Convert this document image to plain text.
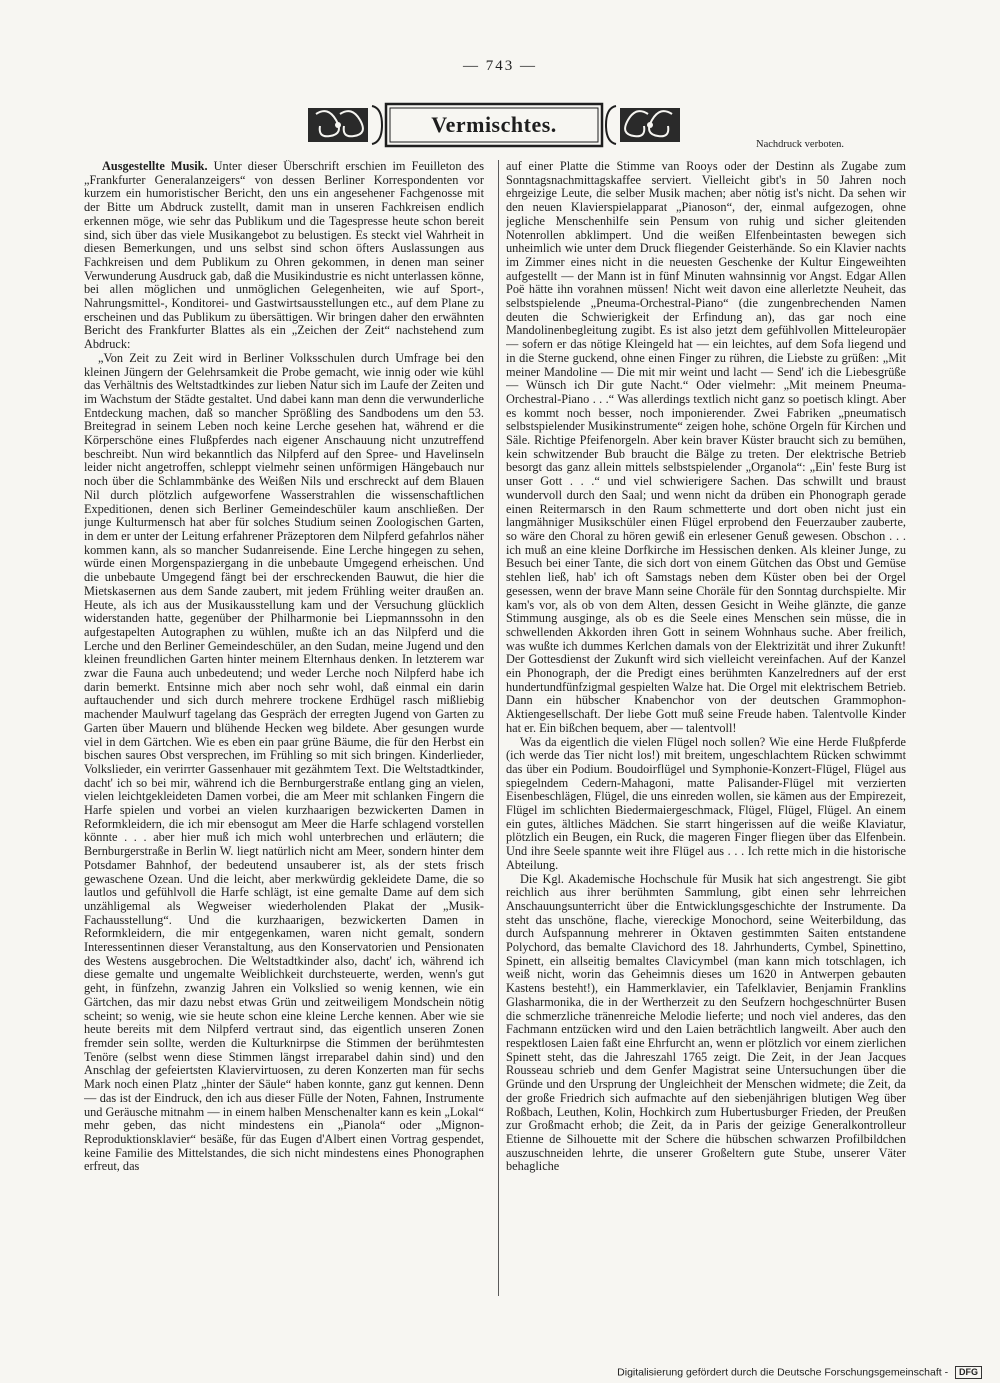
— 743 —
Vermischtes.
Nachdruck verboten.

Ausgestellte Musik. Unter dieser Überschrift erschien im Feuilleton des „Frankfurter Generalanzeigers“ von dessen Berliner Korrespondenten vor kurzem ein humoristischer Bericht, den uns ein angesehener Fachgenosse mit der Bitte um Abdruck zustellt, damit man in unseren Fachkreisen endlich erkennen möge, wie sehr das Publikum und die Tagespresse heute schon bereit sind, sich über das viele Musikangebot zu belustigen. Es steckt viel Wahrheit in diesen Bemerkungen, und uns selbst sind schon öfters Auslassungen aus Fachkreisen und dem Publikum zu Ohren gekommen, in denen man seiner Verwunderung Ausdruck gab, daß die Musikindustrie es nicht unterlassen könne, bei allen möglichen und unmöglichen Gelegenheiten, wie auf Sport-, Nahrungsmittel-, Konditorei- und Gastwirtsausstellungen etc., auf dem Plane zu erscheinen und das Publikum zu übersättigen. Wir bringen daher den erwähnten Bericht des Frankfurter Blattes als ein „Zeichen der Zeit“ nachstehend zum Abdruck:

„Von Zeit zu Zeit wird in Berliner Volksschulen durch Umfrage bei den kleinen Jüngern der Gelehrsamkeit die Probe gemacht, wie innig oder wie kühl das Verhältnis des Weltstadtkindes zur lieben Natur sich im Laufe der Zeiten und im Wachstum der Städte gestaltet. Und dabei kann man denn die verwunderliche Entdeckung machen, daß so mancher Sprößling des Sandbodens um den 53. Breitegrad in seinem Leben noch keine Lerche gesehen hat, während er die Körperschöne eines Flußpferdes nach eigener Anschauung nicht unzutreffend beschreibt. Nun wird bekanntlich das Nilpferd auf den Spree- und Havelinseln leider nicht angetroffen, schleppt vielmehr seinen unförmigen Hängebauch nur noch über die Schlammbänke des Weißen Nils und erschreckt auf dem Blauen Nil durch plötzlich aufgeworfene Wasserstrahlen die wissenschaftlichen Expeditionen, denen sich Berliner Gemeindeschüler kaum anschließen. Der junge Kulturmensch hat aber für solches Studium seinen Zoologischen Garten, in dem er unter der Leitung erfahrener Präzeptoren dem Nilpferd gefahrlos näher kommen kann, als so mancher Sudanreisende. Eine Lerche hingegen zu sehen, würde einen Morgenspaziergang in die unbebaute Umgegend erheischen. Und die unbebaute Umgegend fängt bei der erschreckenden Bauwut, die hier die Mietskasernen aus dem Sande zaubert, mit jedem Frühling weiter draußen an. Heute, als ich aus der Musikausstellung kam und der Versuchung glücklich widerstanden hatte, gegenüber der Philharmonie bei Liepmannssohn in den aufgestapelten Autographen zu wühlen, mußte ich an das Nilpferd und die Lerche und den Berliner Gemeindeschüler, an den Sudan, meine Jugend und den kleinen freundlichen Garten hinter meinem Elternhaus denken. In letzterem war zwar die Fauna auch unbedeutend; und weder Lerche noch Nilpferd habe ich darin bemerkt. Entsinne mich aber noch sehr wohl, daß einmal ein darin auftauchender und sich durch mehrere trockene Erdhügel rasch mißliebig machender Maulwurf tagelang das Gespräch der erregten Jugend von Garten zu Garten über Mauern und blühende Hecken weg bildete. Aber gesungen wurde viel in dem Gärtchen. Wie es eben ein paar grüne Bäume, die für den Herbst ein bischen saures Obst versprechen, im Frühling so mit sich bringen. Kinderlieder, Volkslieder, ein verirrter Gassenhauer mit gezähmtem Text. Die Weltstadtkinder, dacht' ich so bei mir, während ich die Bernburgerstraße entlang ging an vielen, vielen leichtgekleideten Damen vorbei, die am Meer mit schlanken Fingern die Harfe spielen und vorbei an vielen kurzhaarigen bezwickerten Damen in Reformkleidern, die ich mir ebensogut am Meer die Harfe schlagend vorstellen könnte . . . aber hier muß ich mich wohl unterbrechen und erläutern; die Bernburgerstraße in Berlin W. liegt natürlich nicht am Meer, sondern hinter dem Potsdamer Bahnhof, der bedeutend unsauberer ist, als der stets frisch gewaschene Ozean. Und die leicht, aber merkwürdig gekleidete Dame, die so lautlos und gefühlvoll die Harfe schlägt, ist eine gemalte Dame auf dem sich unzähligemal als Wegweiser wiederholenden Plakat der „Musik-Fachausstellung“. Und die kurzhaarigen, bezwickerten Damen in Reformkleidern, die mir entgegenkamen, waren nicht gemalt, sondern Interessentinnen dieser Veranstaltung, aus den Konservatorien und Pensionaten des Westens ausgebrochen. Die Weltstadtkinder also, dacht' ich, während ich diese gemalte und ungemalte Weiblichkeit durchsteuerte, werden, wenn's gut geht, in fünfzehn, zwanzig Jahren ein Volkslied so wenig kennen, wie ein Gärtchen, das mir dazu nebst etwas Grün und zeitweiligem Mondschein nötig scheint; so wenig, wie sie heute schon eine kleine Lerche kennen. Aber wie sie heute bereits mit dem Nilpferd vertraut sind, das eigentlich unseren Zonen fremder sein sollte, werden die Kulturknirpse die Stimmen der berühmtesten Tenöre (selbst wenn diese Stimmen längst irreparabel dahin sind) und den Anschlag der gefeiertsten Klaviervirtuosen, zu deren Konzerten man für sechs Mark noch einen Platz „hinter der Säule“ haben konnte, ganz gut kennen. Denn — das ist der Eindruck, den ich aus dieser Fülle der Noten, Fahnen, Instrumente und Geräusche mitnahm — in einem halben Menschenalter kann es kein „Lokal“ mehr geben, das nicht mindestens ein „Pianola“ oder „Mignon-Reproduktionsklavier“ besäße, für das Eugen d'Albert einen Vortrag gespendet, keine Familie des Mittelstandes, die sich nicht mindestens eines Phonographen erfreut, das

auf einer Platte die Stimme van Rooys oder der Destinn als Zugabe zum Sonntagsnachmittagskaffee serviert. Vielleicht gibt's in 50 Jahren noch ehrgeizige Leute, die selber Musik machen; aber nötig ist's nicht. Da sehen wir den neuen Klavierspielapparat „Pianoson“, der, einmal aufgezogen, ohne jegliche Menschenhilfe sein Pensum von ruhig und sicher gleitenden Notenrollen abklimpert. Und die weißen Elfenbeintasten bewegen sich unheimlich wie unter dem Druck fliegender Geisterhände. So ein Klavier nachts im Zimmer eines nicht in die neuesten Geschenke der Kultur Eingeweihten aufgestellt — der Mann ist in fünf Minuten wahnsinnig vor Angst. Edgar Allen Poë hätte ihn vorahnen müssen! Nicht weit davon eine allerletzte Neuheit, das selbstspielende „Pneuma-Orchestral-Piano“ (die zungenbrechenden Namen deuten die Schwierigkeit der Erfindung an), das gar noch eine Mandolinenbegleitung zugibt. Es ist also jetzt dem gefühlvollen Mitteleuropäer — sofern er das nötige Kleingeld hat — ein leichtes, auf dem Sofa liegend und in die Sterne guckend, ohne einen Finger zu rühren, die Liebste zu grüßen: „Mit meiner Mandoline — Die mit mir weint und lacht — Send' ich die Liebesgrüße — Wünsch ich Dir gute Nacht.“ Oder vielmehr: „Mit meinem Pneuma-Orchestral-Piano . . .“ Was allerdings textlich nicht ganz so poetisch klingt. Aber es kommt noch besser, noch imponierender. Zwei Fabriken „pneumatisch selbstspielender Musikinstrumente“ zeigen hohe, schöne Orgeln für Kirchen und Säle. Richtige Pfeifenorgeln. Aber kein braver Küster braucht sich zu bemühen, kein schwitzender Bub braucht die Bälge zu treten. Der elektrische Betrieb besorgt das ganz allein mittels selbstspielender „Organola“: „Ein' feste Burg ist unser Gott . . .“ und viel schwierigere Sachen. Das schwillt und braust wundervoll durch den Saal; und wenn nicht da drüben ein Phonograph gerade einen Reitermarsch in den Raum schmetterte und dort oben nicht just ein langmähniger Musikschüler einen Flügel erprobend den Feuerzauber zauberte, so wäre den Choral zu hören gewiß ein erlesener Genuß gewesen. Obschon . . . ich muß an eine kleine Dorfkirche im Hessischen denken. Als kleiner Junge, zu Besuch bei einer Tante, die sich dort von einem Gütchen das Obst und Gemüse stehlen ließ, hab' ich oft Samstags neben dem Küster oben bei der Orgel gesessen, wenn der brave Mann seine Choräle für den Sonntag durchspielte. Mir kam's vor, als ob von dem Alten, dessen Gesicht in Weihe glänzte, die ganze Stimmung ausginge, als ob es die Seele eines Menschen sein müsse, die in schwellenden Akkorden ihren Gott in seinem Wohnhaus suche. Aber freilich, was wußte ich dummes Kerlchen damals von der Elektrizität und ihrer Zukunft! Der Gottesdienst der Zukunft wird sich vielleicht vereinfachen. Auf der Kanzel ein Phonograph, der die Predigt eines berühmten Kanzelredners auf der erst hundertundfünfzigmal gespielten Walze hat. Die Orgel mit elektrischem Betrieb. Dann ein hübscher Knabenchor von der deutschen Grammophon-Aktiengesellschaft. Der liebe Gott muß seine Freude haben. Talentvolle Kinder hat er. Ein bißchen bequem, aber — talentvoll!

Was da eigentlich die vielen Flügel noch sollen? Wie eine Herde Flußpferde (ich werde das Tier nicht los!) mit breitem, ungeschlachtem Rücken schwimmt das über ein Podium. Boudoirflügel und Symphonie-Konzert-Flügel, Flügel aus spiegelndem Cedern-Mahagoni, matte Palisander-Flügel mit verzierten Eisenbeschlägen, Flügel, die uns einreden wollen, sie kämen aus der Empirezeit, Flügel im schlichten Biedermaiergeschmack, Flügel, Flügel, Flügel. An einem ein gutes, ältliches Mädchen. Sie starrt hingerissen auf die weiße Klaviatur, plötzlich ein Beugen, ein Ruck, die mageren Finger fliegen über das Elfenbein. Und ihre Seele spannte weit ihre Flügel aus . . . Ich rette mich in die historische Abteilung.

Die Kgl. Akademische Hochschule für Musik hat sich angestrengt. Sie gibt reichlich aus ihrer berühmten Sammlung, gibt einen sehr lehrreichen Anschauungsunterricht über die Entwicklungsgeschichte der Instrumente. Da steht das unschöne, flache, viereckige Monochord, seine Weiterbildung, das durch Aufspannung mehrerer in Oktaven gestimmten Saiten entstandene Polychord, das bemalte Clavichord des 18. Jahrhunderts, Cymbel, Spinettino, Spinett, ein allseitig bemaltes Clavicymbel (man kann mich totschlagen, ich weiß nicht, worin das Geheimnis dieses um 1620 in Antwerpen gebauten Kastens besteht!), ein Hammerklavier, ein Tafelklavier, Benjamin Franklins Glasharmonika, die in der Wertherzeit zu den Seufzern hochgeschnürter Busen die schmerzliche tränenreiche Melodie lieferte; und noch viel anderes, das den Fachmann entzücken wird und den Laien beträchtlich langweilt. Aber auch den respektlosen Laien faßt eine Ehrfurcht an, wenn er plötzlich vor einem zierlichen Spinett steht, das die Jahreszahl 1765 zeigt. Die Zeit, in der Jean Jacques Rousseau schrieb und dem Genfer Magistrat seine Untersuchungen über die Gründe und den Ursprung der Ungleichheit der Menschen widmete; die Zeit, da der große Friedrich sich aufmachte auf den siebenjährigen blutigen Weg über Roßbach, Leuthen, Kolin, Hochkirch zum Hubertusburger Frieden, der Preußen zur Großmacht erhob; die Zeit, da in Paris der geizige Generalkontrolleur Etienne de Silhouette mit der Schere die hübschen schwarzen Profilbildchen auszuschneiden lehrte, die unserer Großeltern gute Stube, unserer Väter behagliche

Digitalisierung gefördert durch die Deutsche Forschungsgemeinschaft - DFG
